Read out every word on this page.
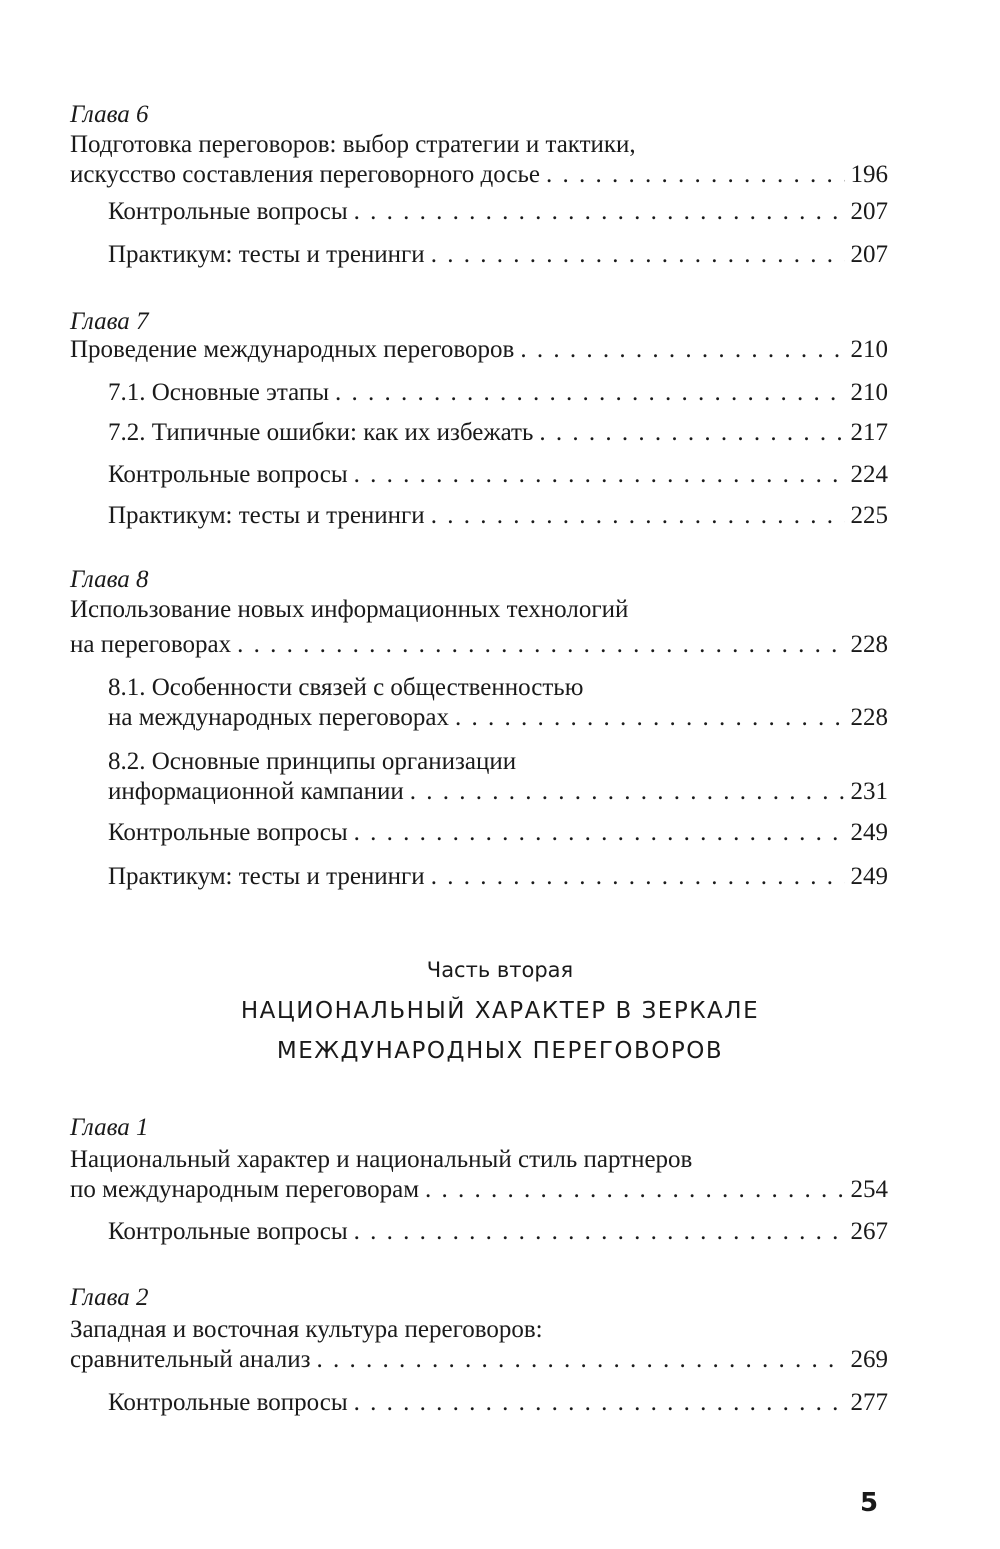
Глава 6
Подготовка переговоров: выбор стратегии и тактики,
искусство составления переговорного досье . . .	196
Контрольные вопросы . . .	207
Практикум: тесты и тренинги . . .	207
Глава 7
Проведение международных переговоров . . .	210
7.1. Основные этапы . . .	210
7.2. Типичные ошибки: как их избежать . . .	217
Контрольные вопросы . . .	224
Практикум: тесты и тренинги . . .	225
Глава 8
Использование новых информационных технологий
на переговорах . . .	228
8.1. Особенности связей с общественностью
на международных переговорах . . .	228
8.2. Основные принципы организации
информационной кампании . . .	231
Контрольные вопросы . . .	249
Практикум: тесты и тренинги . . .	249
Часть вторая
НАЦИОНАЛЬНЫЙ ХАРАКТЕР В ЗЕРКАЛЕ
МЕЖДУНАРОДНЫХ ПЕРЕГОВОРОВ
Глава 1
Национальный характер и национальный стиль партнеров
по международным переговорам . . .	254
Контрольные вопросы . . .	267
Глава 2
Западная и восточная культура переговоров:
сравнительный анализ . . .	269
Контрольные вопросы . . .	277
5
